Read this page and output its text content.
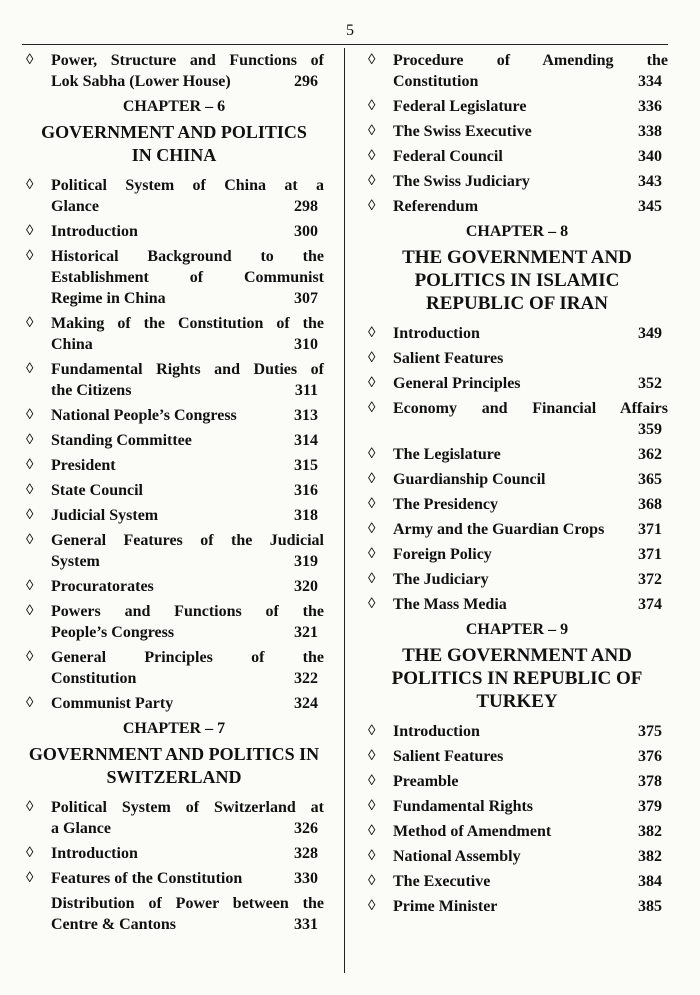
5
◊ Power, Structure and Functions of
Lok Sabha (Lower House)	296
CHAPTER – 6
GOVERNMENT AND POLITICS
IN CHINA
◊ Political System of China at a
Glance	298
◊ Introduction	300
◊ Historical Background to the
Establishment of Communist
Regime in China	307
◊ Making of the Constitution of the
China	310
◊ Fundamental Rights and Duties of
the Citizens	311
◊ National People’s Congress	313
◊ Standing Committee	314
◊ President	315
◊ State Council	316
◊ Judicial System	318
◊ General Features of the Judicial
System	319
◊ Procuratorates	320
◊ Powers and Functions of the
People’s Congress	321
◊ General Principles of the
Constitution	322
◊ Communist Party	324
CHAPTER – 7
GOVERNMENT AND POLITICS IN
SWITZERLAND
◊ Political System of Switzerland at
a Glance	326
◊ Introduction	328
◊ Features of the Constitution	330
Distribution of Power between the
Centre & Cantons	331
◊ Procedure of Amending the
Constitution	334
◊ Federal Legislature	336
◊ The Swiss Executive	338
◊ Federal Council	340
◊ The Swiss Judiciary	343
◊ Referendum	345
CHAPTER – 8
THE GOVERNMENT AND
POLITICS IN ISLAMIC
REPUBLIC OF IRAN
◊ Introduction	349
◊ Salient Features
◊ General Principles	352
◊ Economy and Financial Affairs
359
◊ The Legislature	362
◊ Guardianship Council	365
◊ The Presidency	368
◊ Army and the Guardian Crops 371
◊ Foreign Policy	371
◊ The Judiciary	372
◊ The Mass Media	374
CHAPTER – 9
THE GOVERNMENT AND
POLITICS IN REPUBLIC OF
TURKEY
◊ Introduction	375
◊ Salient Features	376
◊ Preamble	378
◊ Fundamental Rights	379
◊ Method of Amendment	382
◊ National Assembly	382
◊ The Executive	384
◊ Prime Minister	385
